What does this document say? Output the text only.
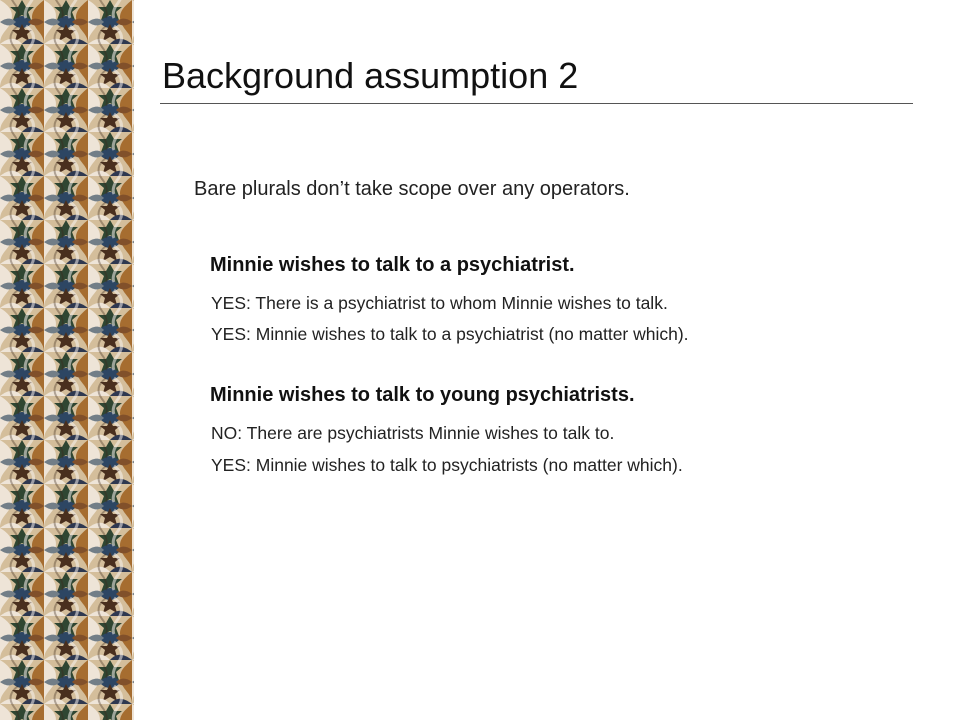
Background assumption 2
Bare plurals don’t take scope over any operators.
Minnie wishes to talk to a psychiatrist.
YES: There is a psychiatrist to whom Minnie wishes to talk.
YES: Minnie wishes to talk to a psychiatrist (no matter which).
Minnie wishes to talk to young psychiatrists.
NO: There are psychiatrists Minnie wishes to talk to.
YES: Minnie wishes to talk to psychiatrists (no matter which).
